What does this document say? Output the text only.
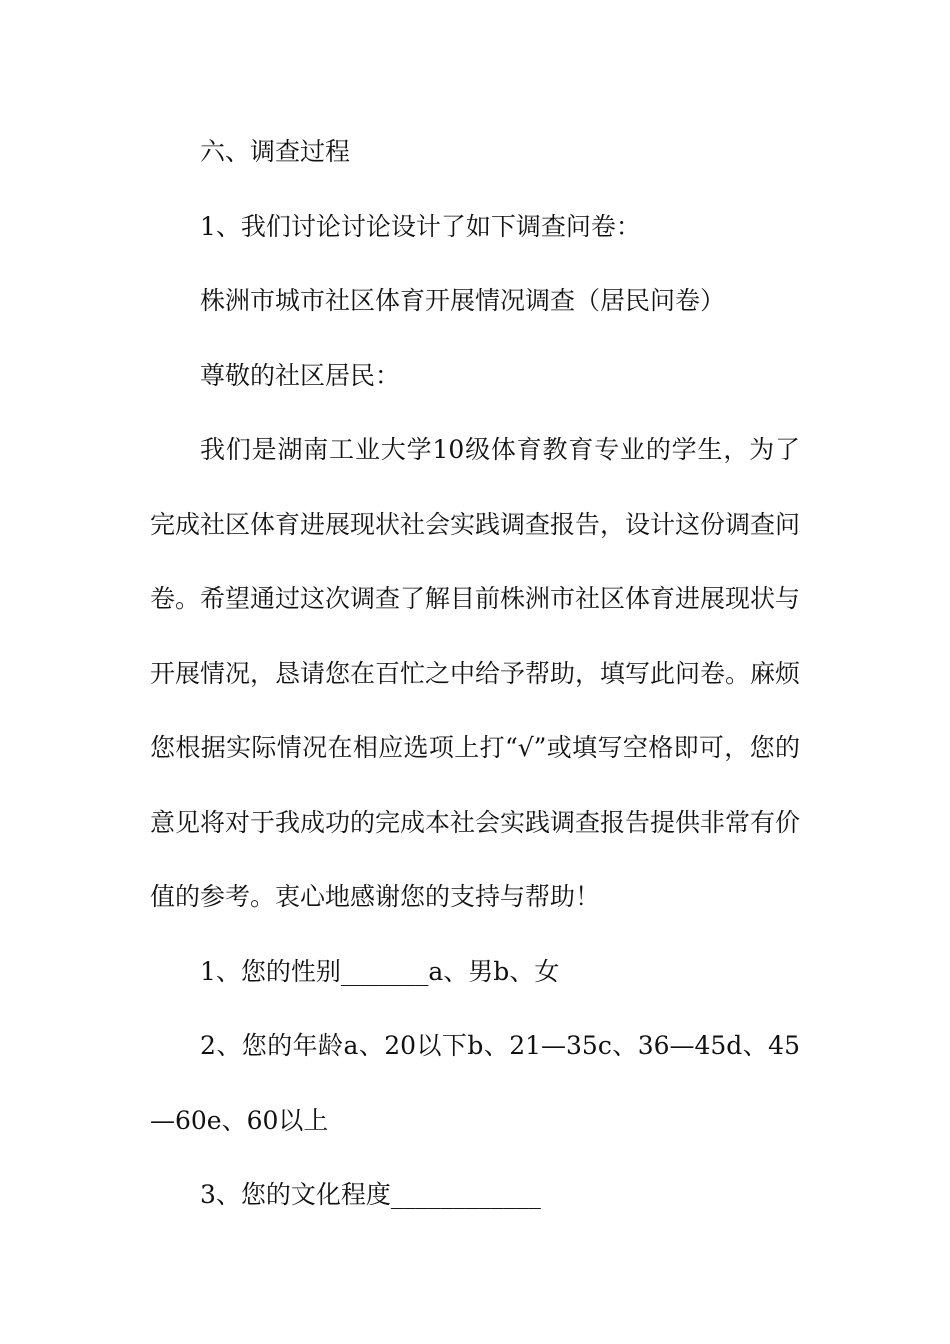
六、调查过程

1、我们讨论讨论设计了如下调查问卷：

株洲市城市社区体育开展情况调查（居民问卷）

尊敬的社区居民：

我们是湖南工业大学10级体育教育专业的学生，为了完成社区体育进展现状社会实践调查报告，设计这份调查问卷。希望通过这次调查了解目前株洲市社区体育进展现状与开展情况，恳请您在百忙之中给予帮助，填写此问卷。麻烦您根据实际情况在相应选项上打“√”或填写空格即可，您的意见将对于我成功的完成本社会实践调查报告提供非常有价值的参考。衷心地感谢您的支持与帮助！

1、您的性别_______a、男b、女

2、您的年龄a、20以下b、21—35c、36—45d、45—60e、60以上

3、您的文化程度____________
